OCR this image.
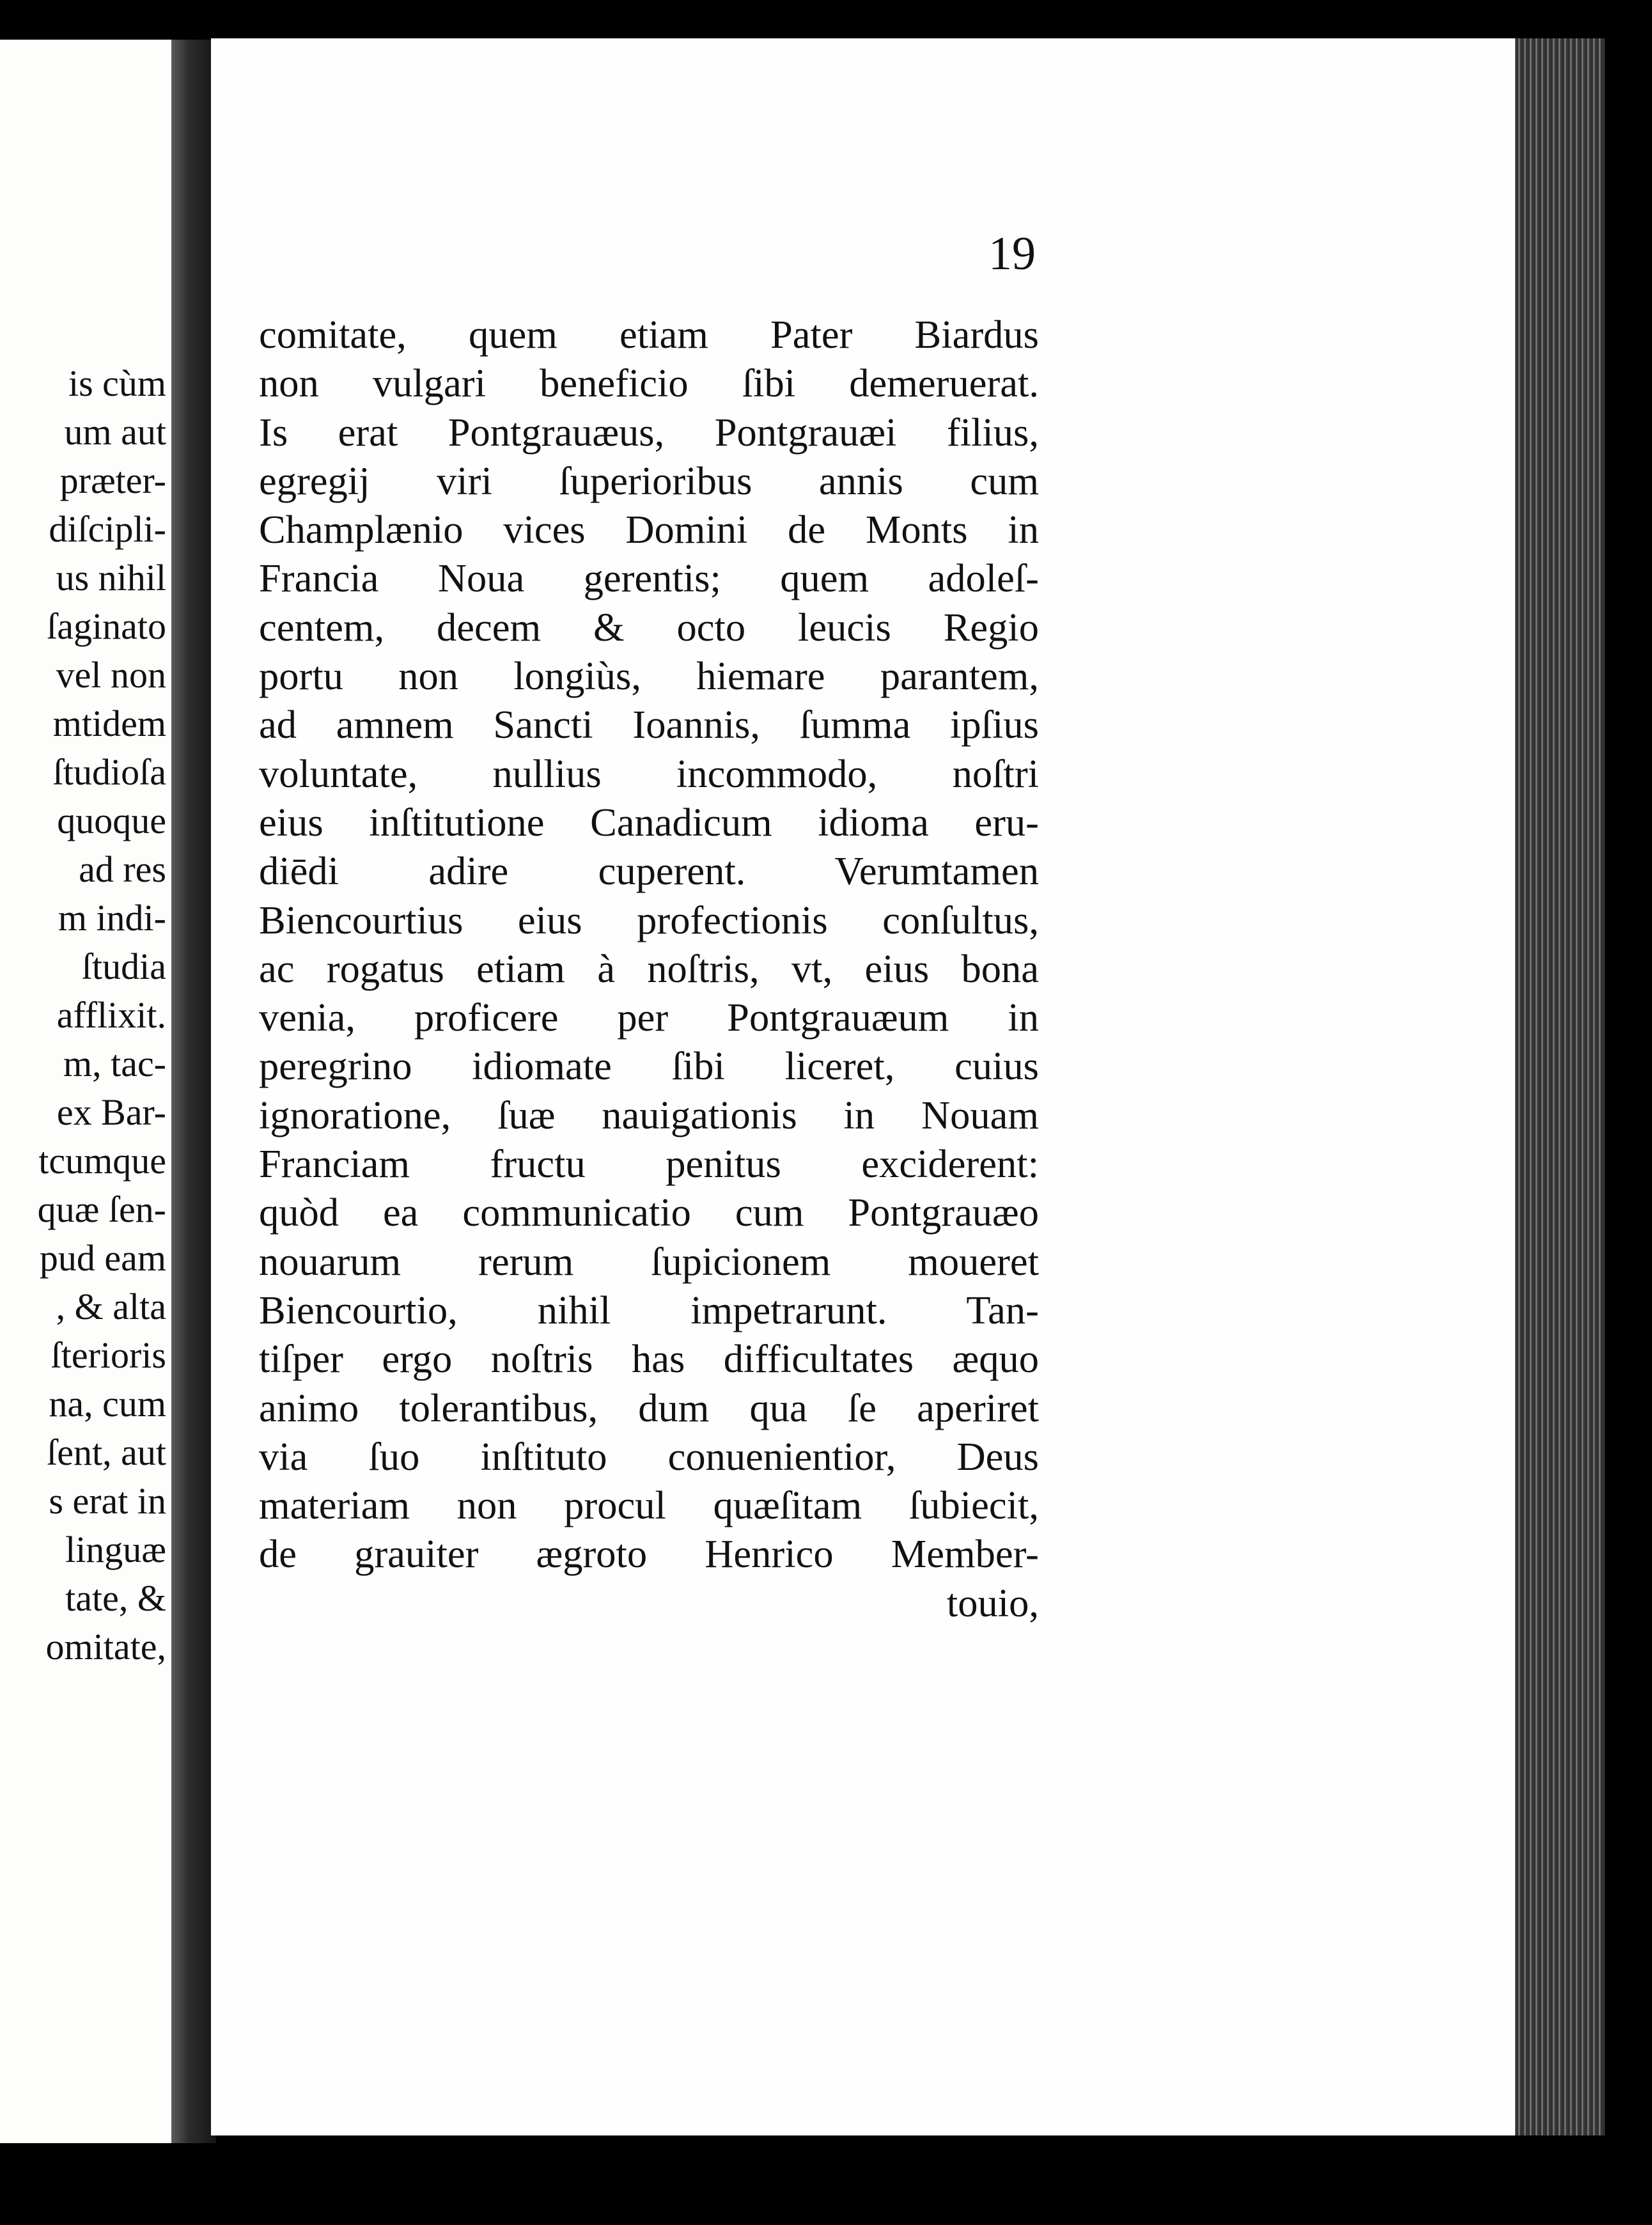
is cùm
um aut
præter-
diſcipli-
us nihil
ſaginato
vel non
mtidem
ſtudioſa
quoque
ad res
m indi-
ſtudia
afflixit.
m, tac-
ex Bar-
tcumque
quæ ſen-
pud eam
, & alta
ſterioris
na, cum
ſent, aut
s erat in
linguæ
tate, &
omitate,
19
comitate, quem etiam Pater Biardus
non vulgari beneficio ſibi demeruerat.
Is erat Pontgrauæus, Pontgrauæi filius,
egregij viri ſuperioribus annis cum
Champlænio vices Domini de Monts in
Francia Noua gerentis; quem adoleſ-
centem, decem & octo leucis Regio
portu non longiùs, hiemare parantem,
ad amnem Sancti Ioannis, ſumma ipſius
voluntate, nullius incommodo, noſtri
eius inſtitutione Canadicum idioma eru-
diēdi adire cuperent. Verumtamen
Biencourtius eius profectionis conſultus,
ac rogatus etiam à noſtris, vt, eius bona
venia, proficere per Pontgrauæum in
peregrino idiomate ſibi liceret, cuius
ignoratione, ſuæ nauigationis in Nouam
Franciam fructu penitus exciderent:
quòd ea communicatio cum Pontgrauæo
nouarum rerum ſupicionem moueret
Biencourtio, nihil impetrarunt. Tan-
tiſper ergo noſtris has difficultates æquo
animo tolerantibus, dum qua ſe aperiret
via ſuo inſtituto conuenientior, Deus
materiam non procul quæſitam ſubiecit,
de grauiter ægroto Henrico Member-
touio,
